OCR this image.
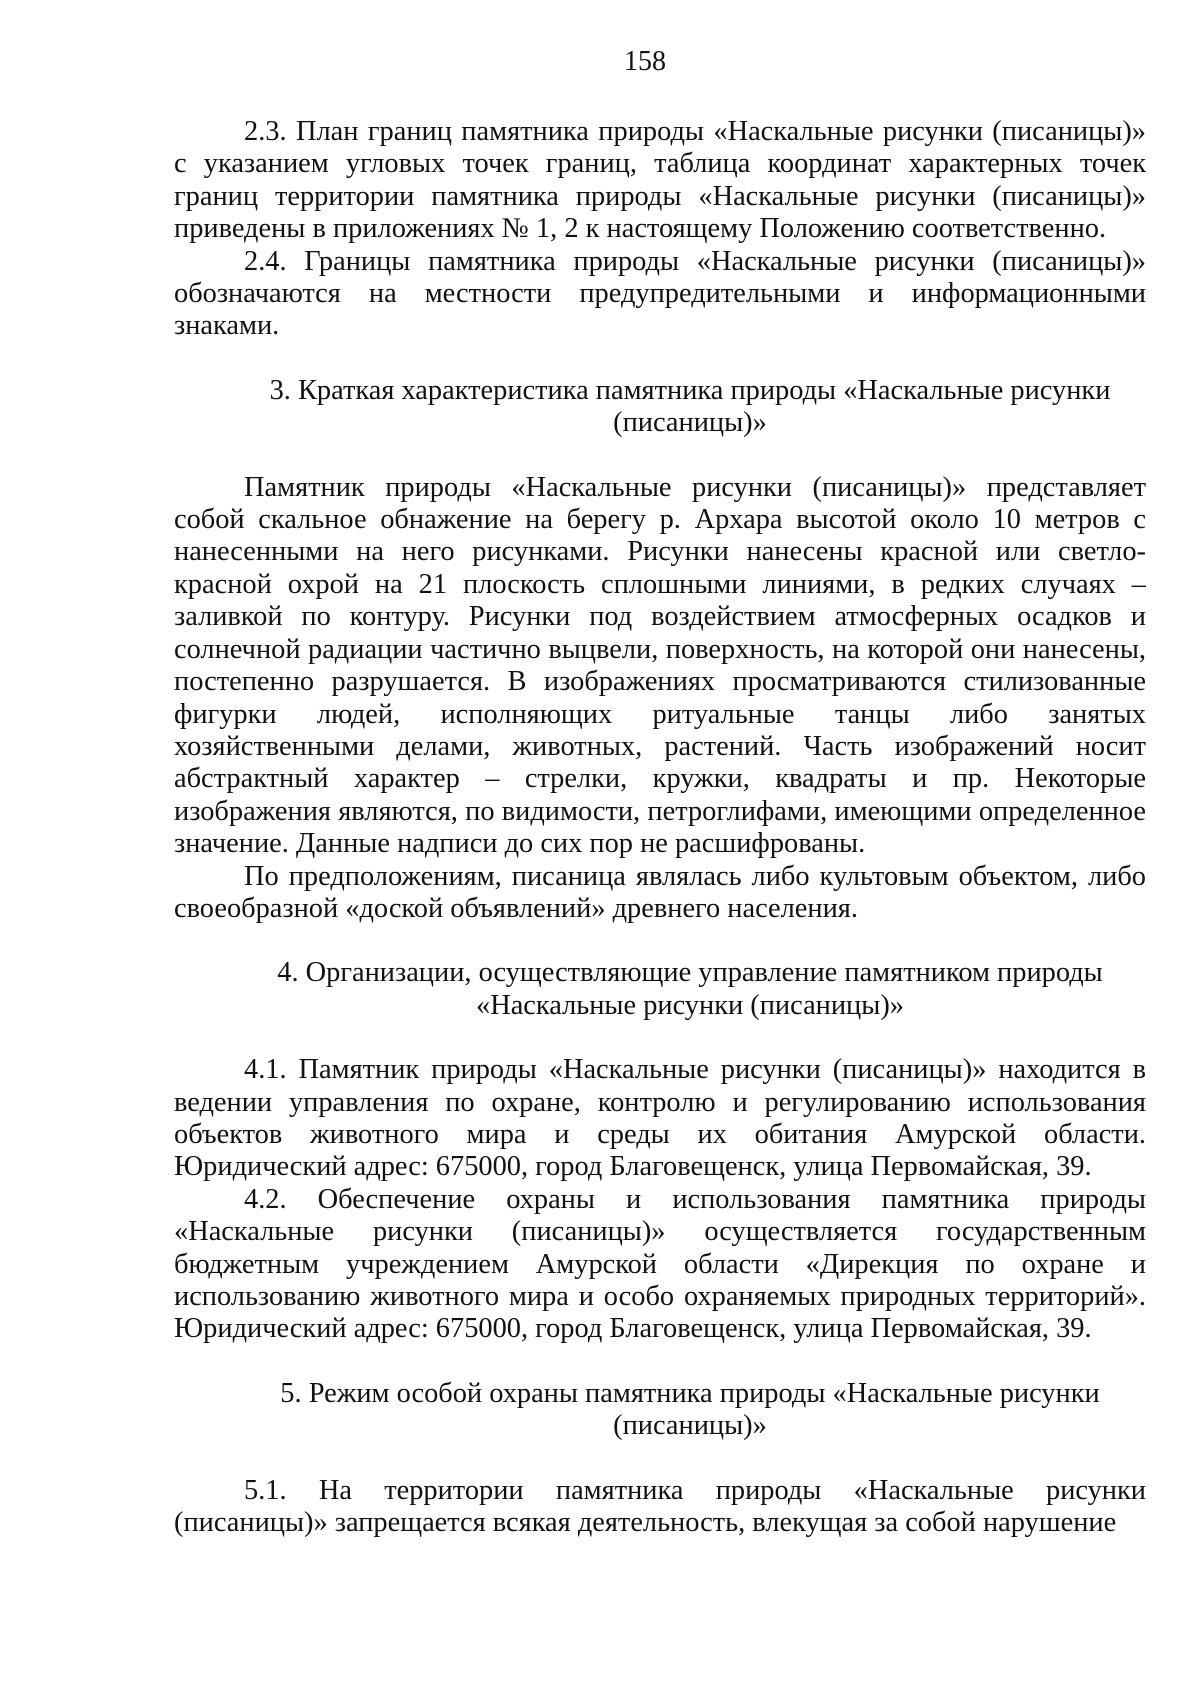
158

2.3. План границ памятника природы «Наскальные рисунки (писаницы)» с указанием угловых точек границ, таблица координат характерных точек границ территории памятника природы «Наскальные рисунки (писаницы)» приведены в приложениях № 1, 2 к настоящему Положению соответственно.

2.4. Границы памятника природы «Наскальные рисунки (писаницы)» обозначаются на местности предупредительными и информационными знаками.

3. Краткая характеристика памятника природы «Наскальные рисунки
(писаницы)»

Памятник природы «Наскальные рисунки (писаницы)» представляет собой скальное обнажение на берегу р. Архара высотой около 10 метров с нанесенными на него рисунками. Рисунки нанесены красной или светло-красной охрой на 21 плоскость сплошными линиями, в редких случаях – заливкой по контуру. Рисунки под воздействием атмосферных осадков и солнечной радиации частично выцвели, поверхность, на которой они нанесены, постепенно разрушается. В изображениях просматриваются стилизованные фигурки людей, исполняющих ритуальные танцы либо занятых хозяйственными делами, животных, растений. Часть изображений носит абстрактный характер – стрелки, кружки, квадраты и пр. Некоторые изображения являются, по видимости, петроглифами, имеющими определенное значение. Данные надписи до сих пор не расшифрованы.

По предположениям, писаница являлась либо культовым объектом, либо своеобразной «доской объявлений» древнего населения.

4. Организации, осуществляющие управление памятником природы
«Наскальные рисунки (писаницы)»

4.1. Памятник природы «Наскальные рисунки (писаницы)» находится в ведении управления по охране, контролю и регулированию использования объектов животного мира и среды их обитания Амурской области. Юридический адрес: 675000, город Благовещенск, улица Первомайская, 39.

4.2. Обеспечение охраны и использования памятника природы «Наскальные рисунки (писаницы)» осуществляется государственным бюджетным учреждением Амурской области «Дирекция по охране и использованию животного мира и особо охраняемых природных территорий». Юридический адрес: 675000, город Благовещенск, улица Первомайская, 39.

5. Режим особой охраны памятника природы «Наскальные рисунки
(писаницы)»

5.1. На территории памятника природы «Наскальные рисунки (писаницы)» запрещается всякая деятельность, влекущая за собой нарушение
